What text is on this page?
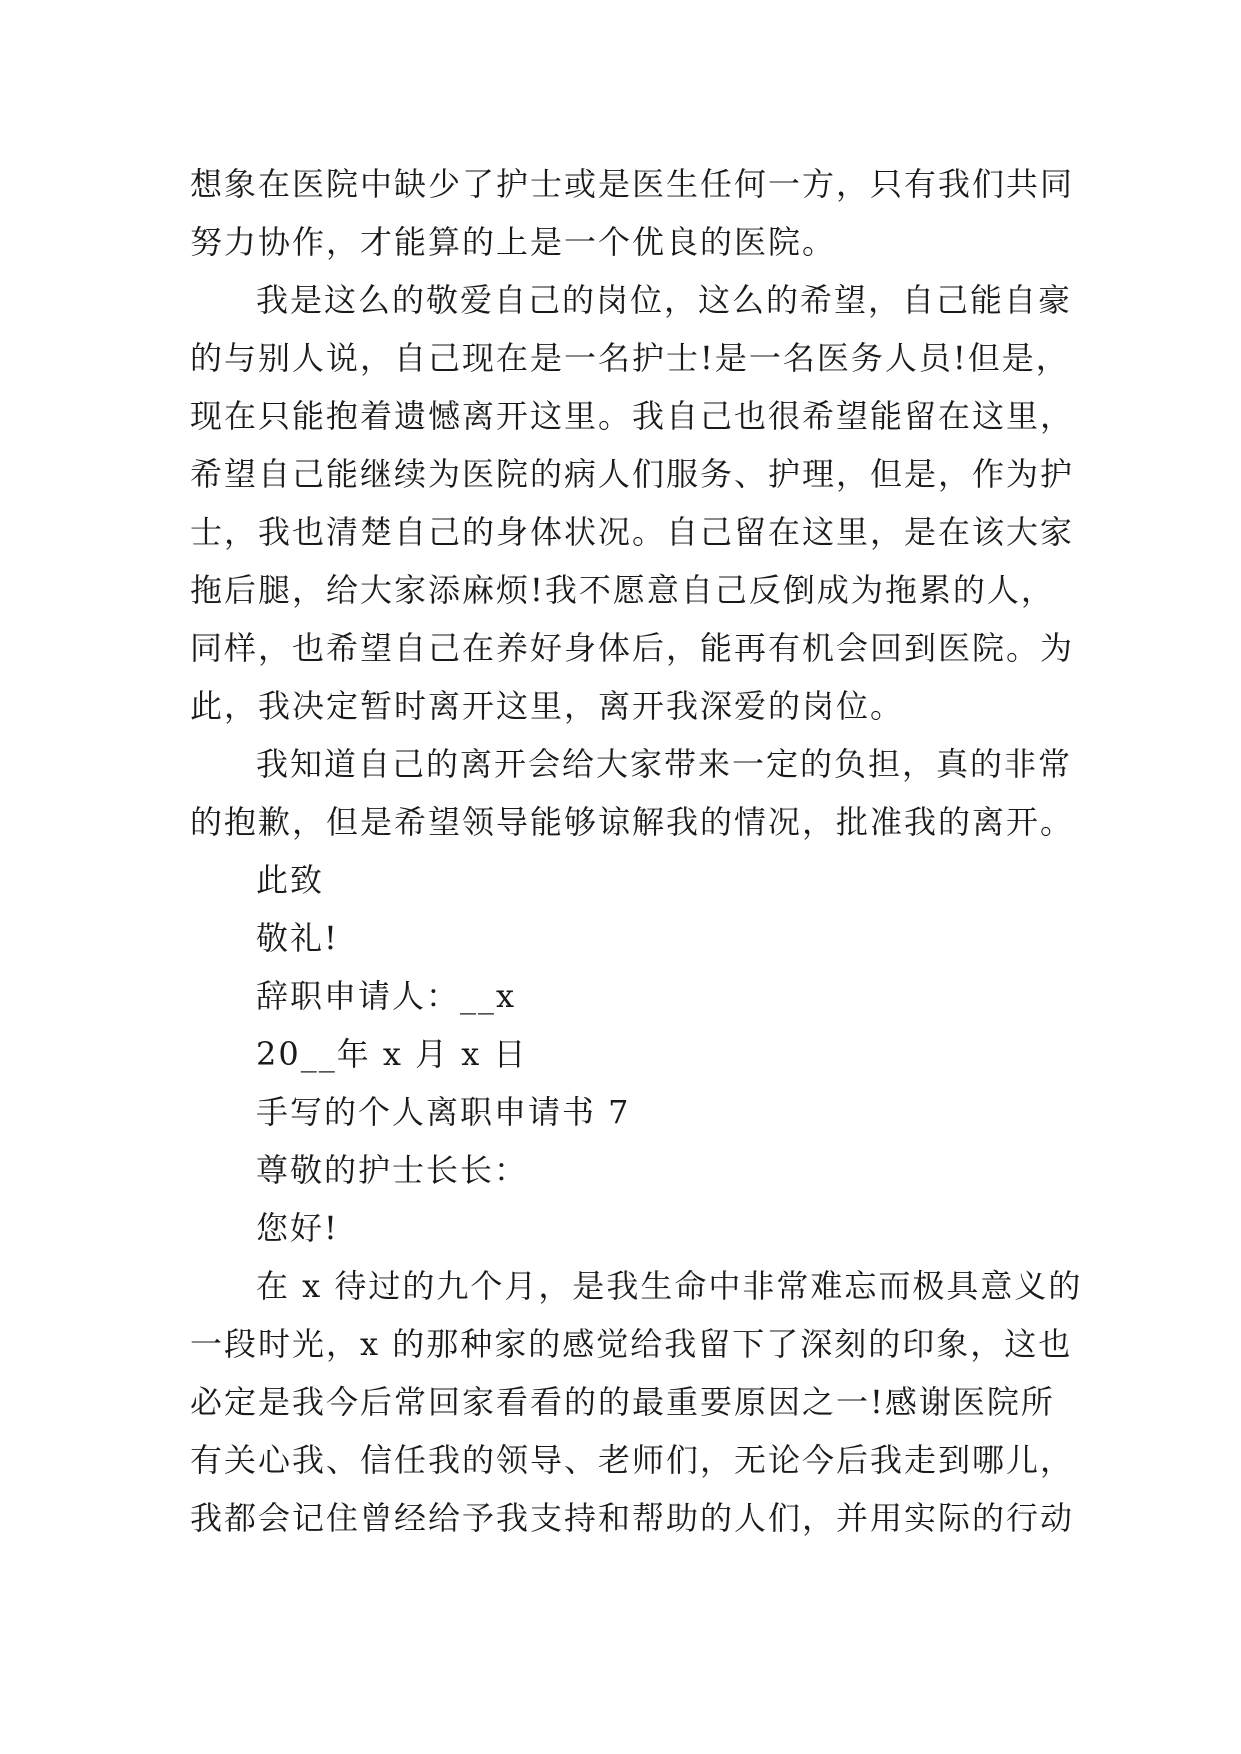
想象在医院中缺少了护士或是医生任何一方，只有我们共同
努力协作，才能算的上是一个优良的医院。
我是这么的敬爱自己的岗位，这么的希望，自己能自豪
的与别人说，自己现在是一名护士!是一名医务人员!但是，
现在只能抱着遗憾离开这里。我自己也很希望能留在这里，
希望自己能继续为医院的病人们服务、护理，但是，作为护
士，我也清楚自己的身体状况。自己留在这里，是在该大家
拖后腿，给大家添麻烦!我不愿意自己反倒成为拖累的人，
同样，也希望自己在养好身体后，能再有机会回到医院。为
此，我决定暂时离开这里，离开我深爱的岗位。
我知道自己的离开会给大家带来一定的负担，真的非常
的抱歉，但是希望领导能够谅解我的情况，批准我的离开。
此致
敬礼!
辞职申请人：__x
20__年 x 月 x 日
手写的个人离职申请书 7
尊敬的护士长长：
您好!
在 x 待过的九个月，是我生命中非常难忘而极具意义的
一段时光，x 的那种家的感觉给我留下了深刻的印象，这也
必定是我今后常回家看看的的最重要原因之一!感谢医院所
有关心我、信任我的领导、老师们，无论今后我走到哪儿，
我都会记住曾经给予我支持和帮助的人们，并用实际的行动
